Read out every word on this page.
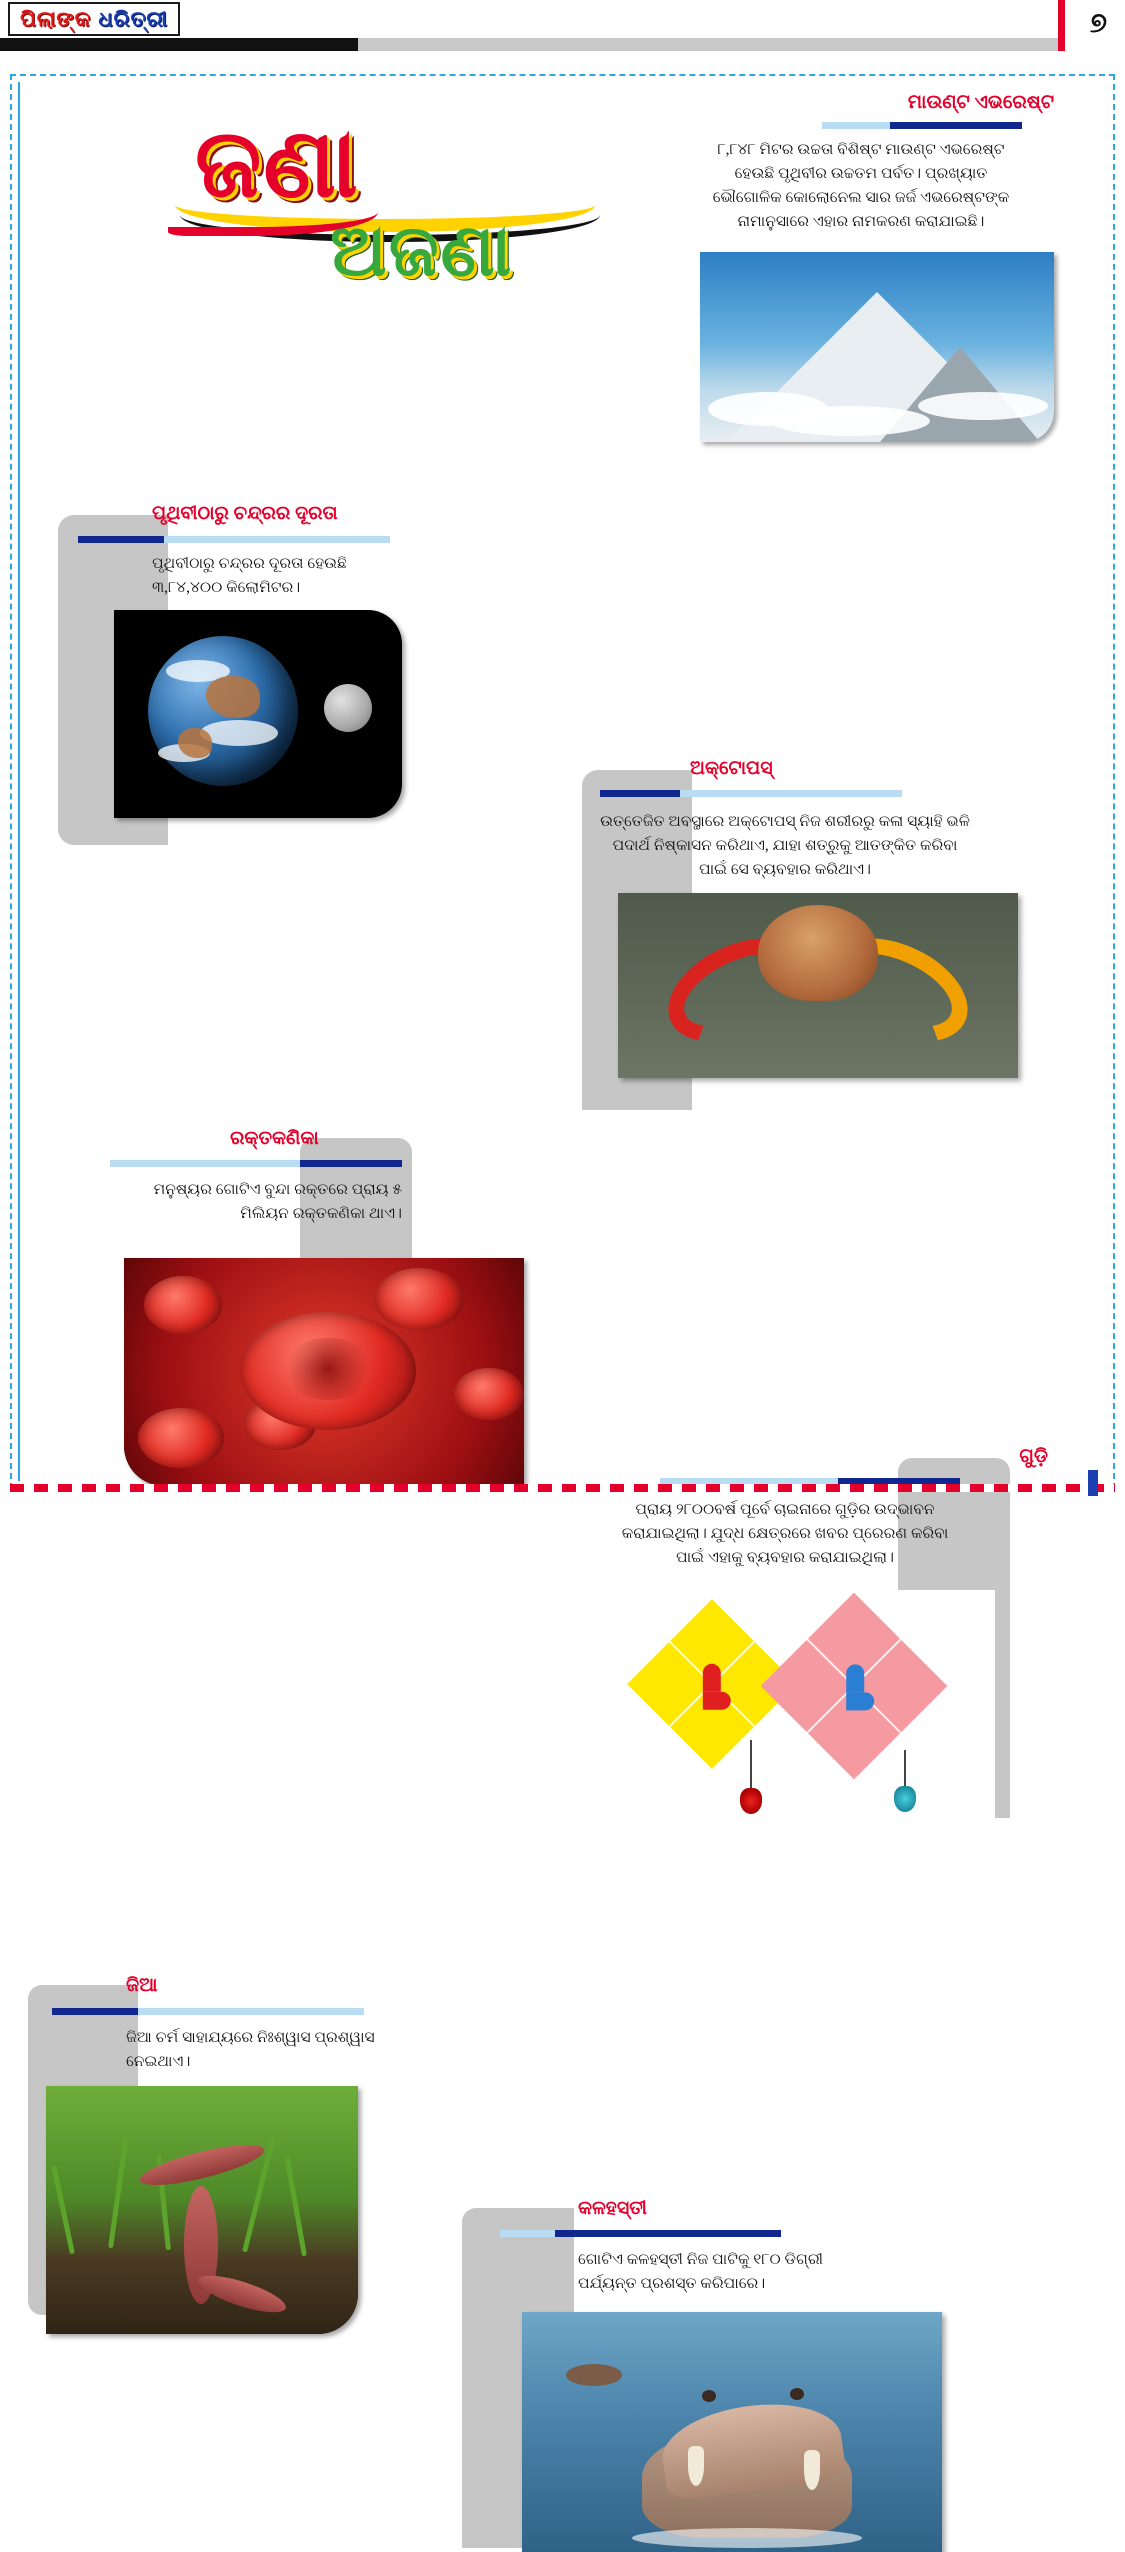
ପିଲାଙ୍କ ଧରିତ୍ରୀ	୭
ଜଣା
ଅଜଣା
ମାଉଣ୍ଟ ଏଭରେଷ୍ଟ
୮,୮୪୮ ମିଟର ଉଚ୍ଚତା ବିଶିଷ୍ଟ ମାଉଣ୍ଟ ଏଭରେଷ୍ଟ ହେଉଛି ପୃଥିବୀର ଉଚ୍ଚତମ ପର୍ବତ। ପ୍ରଖ୍ୟାତ ଭୌଗୋଳିକ କୋଲୋନେଲ ସାର ଜର୍ଜ ଏଭରେଷ୍ଟଙ୍କ ନାମାନୁସାରେ ଏହାର ନାମକରଣ କରାଯାଇଛି।
ପୃଥିବୀଠାରୁ ଚନ୍ଦ୍ରର ଦୂରତା
ପୃଥିବୀଠାରୁ ଚନ୍ଦ୍ରର ଦୂରତା ହେଉଛି ୩,୮୪,୪୦୦ କିଲୋମିଟର।
ଅକ୍ଟୋପସ୍
ଉତ୍ତେଜିତ ଅବସ୍ଥାରେ ଅକ୍ଟୋପସ୍ ନିଜ ଶରୀରରୁ କଳା ସ୍ୟାହି ଭଳି ପଦାର୍ଥ ନିଷ୍କାସନ କରିଥାଏ, ଯାହା ଶତ୍ରୁକୁ ଆତଙ୍କିତ କରିବା ପାଇଁ ସେ ବ୍ୟବହାର କରିଥାଏ।
ରକ୍ତକଣିକା
ମନୁଷ୍ୟର ଗୋଟିଏ ବୁନ୍ଦା ରକ୍ତରେ ପ୍ରାୟ ୫ ମିଲିୟନ ରକ୍ତକଣିକା ଥାଏ।
ଗୁଡ଼ି
ପ୍ରାୟ ୨୮୦୦ବର୍ଷ ପୂର୍ବେ ଚାଇନାରେ ଗୁଡ଼ିର ଉଦ୍ଭାବନ କରାଯାଇଥିଲା। ଯୁଦ୍ଧ କ୍ଷେତ୍ରରେ ଖବର ପ୍ରେରଣ କରିବା ପାଇଁ ଏହାକୁ ବ୍ୟବହାର କରାଯାଇଥିଲା।
ଜିଆ
ଜିଆ ଚର୍ମ ସାହାଯ୍ୟରେ ନିଃଶ୍ୱାସ ପ୍ରଶ୍ୱାସ ନେଇଥାଏ।
କଳହସ୍ତୀ
ଗୋଟିଏ କଳହସ୍ତୀ ନିଜ ପାଟିକୁ ୧୮୦ ଡିଗ୍ରୀ ପର୍ଯ୍ୟନ୍ତ ପ୍ରଶସ୍ତ କରିପାରେ।
